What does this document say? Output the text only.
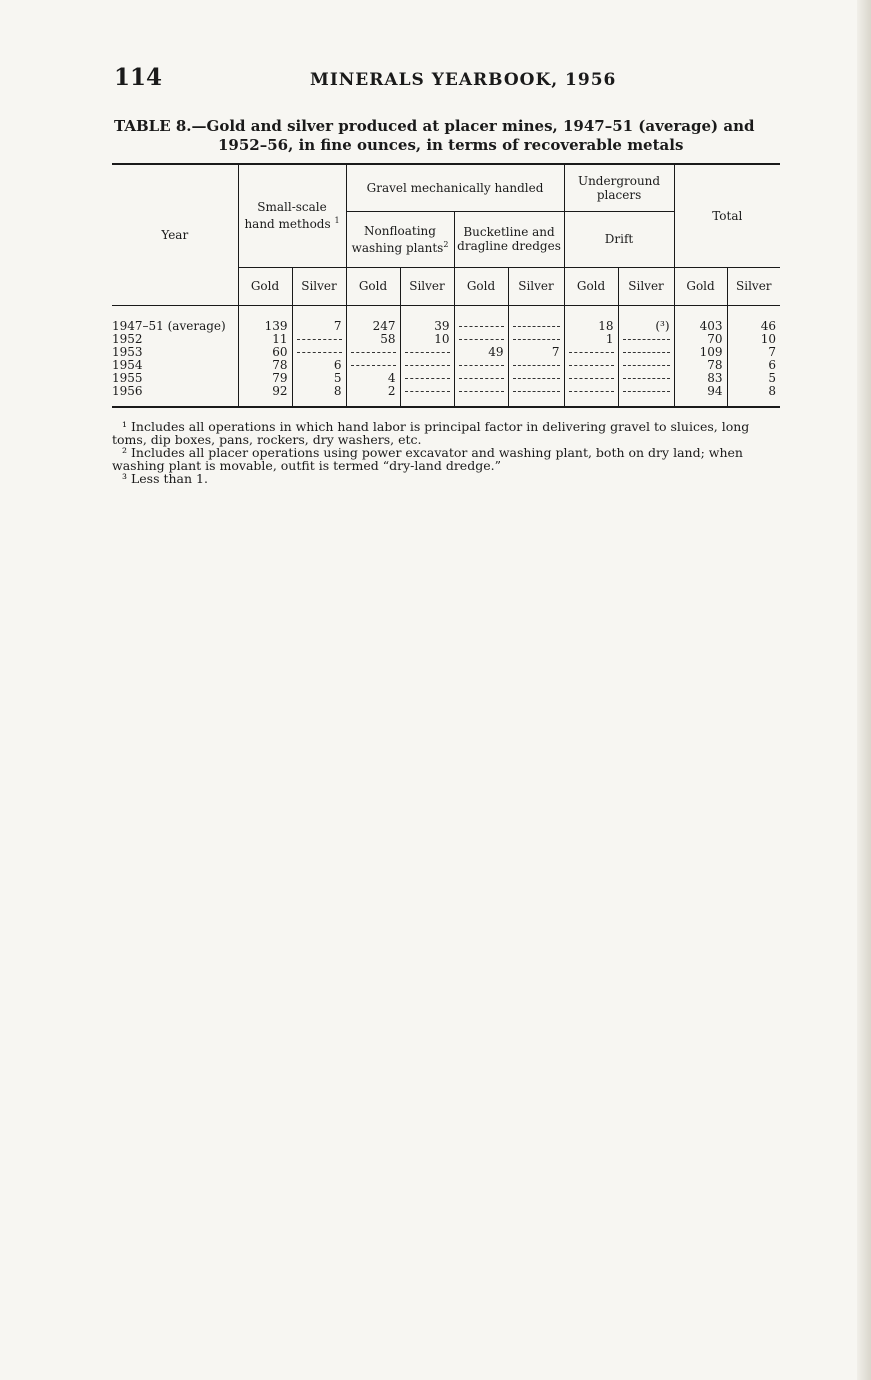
114	MINERALS YEARBOOK, 1956
TABLE 8.—Gold and silver produced at placer mines, 1947–51 (average) and
1952–56, in fine ounces, in terms of recoverable metals
Year	Small-scale hand methods $^1$		Gravel mechanically handled				Underground placers		Total	
			Nonfloating washing plants$^2$		Bucketline and dragline dredges		Drift			
	Gold	Silver	Gold	Silver	Gold	Silver	Gold	Silver	Gold	Silver
1947–51 (average)	139	7	247	39			18	(³)	403	46
1952	11		58	10			1		70	10
1953	60				49	7			109	7
1954	78	6							78	6
1955	79	5	4						83	5
1956	92	8	2						94	8

¹ Includes all operations in which hand labor is principal factor in delivering gravel to sluices, long toms, dip boxes, pans, rockers, dry washers, etc.

² Includes all placer operations using power excavator and washing plant, both on dry land; when washing plant is movable, outfit is termed “dry-land dredge.”

³ Less than 1.
